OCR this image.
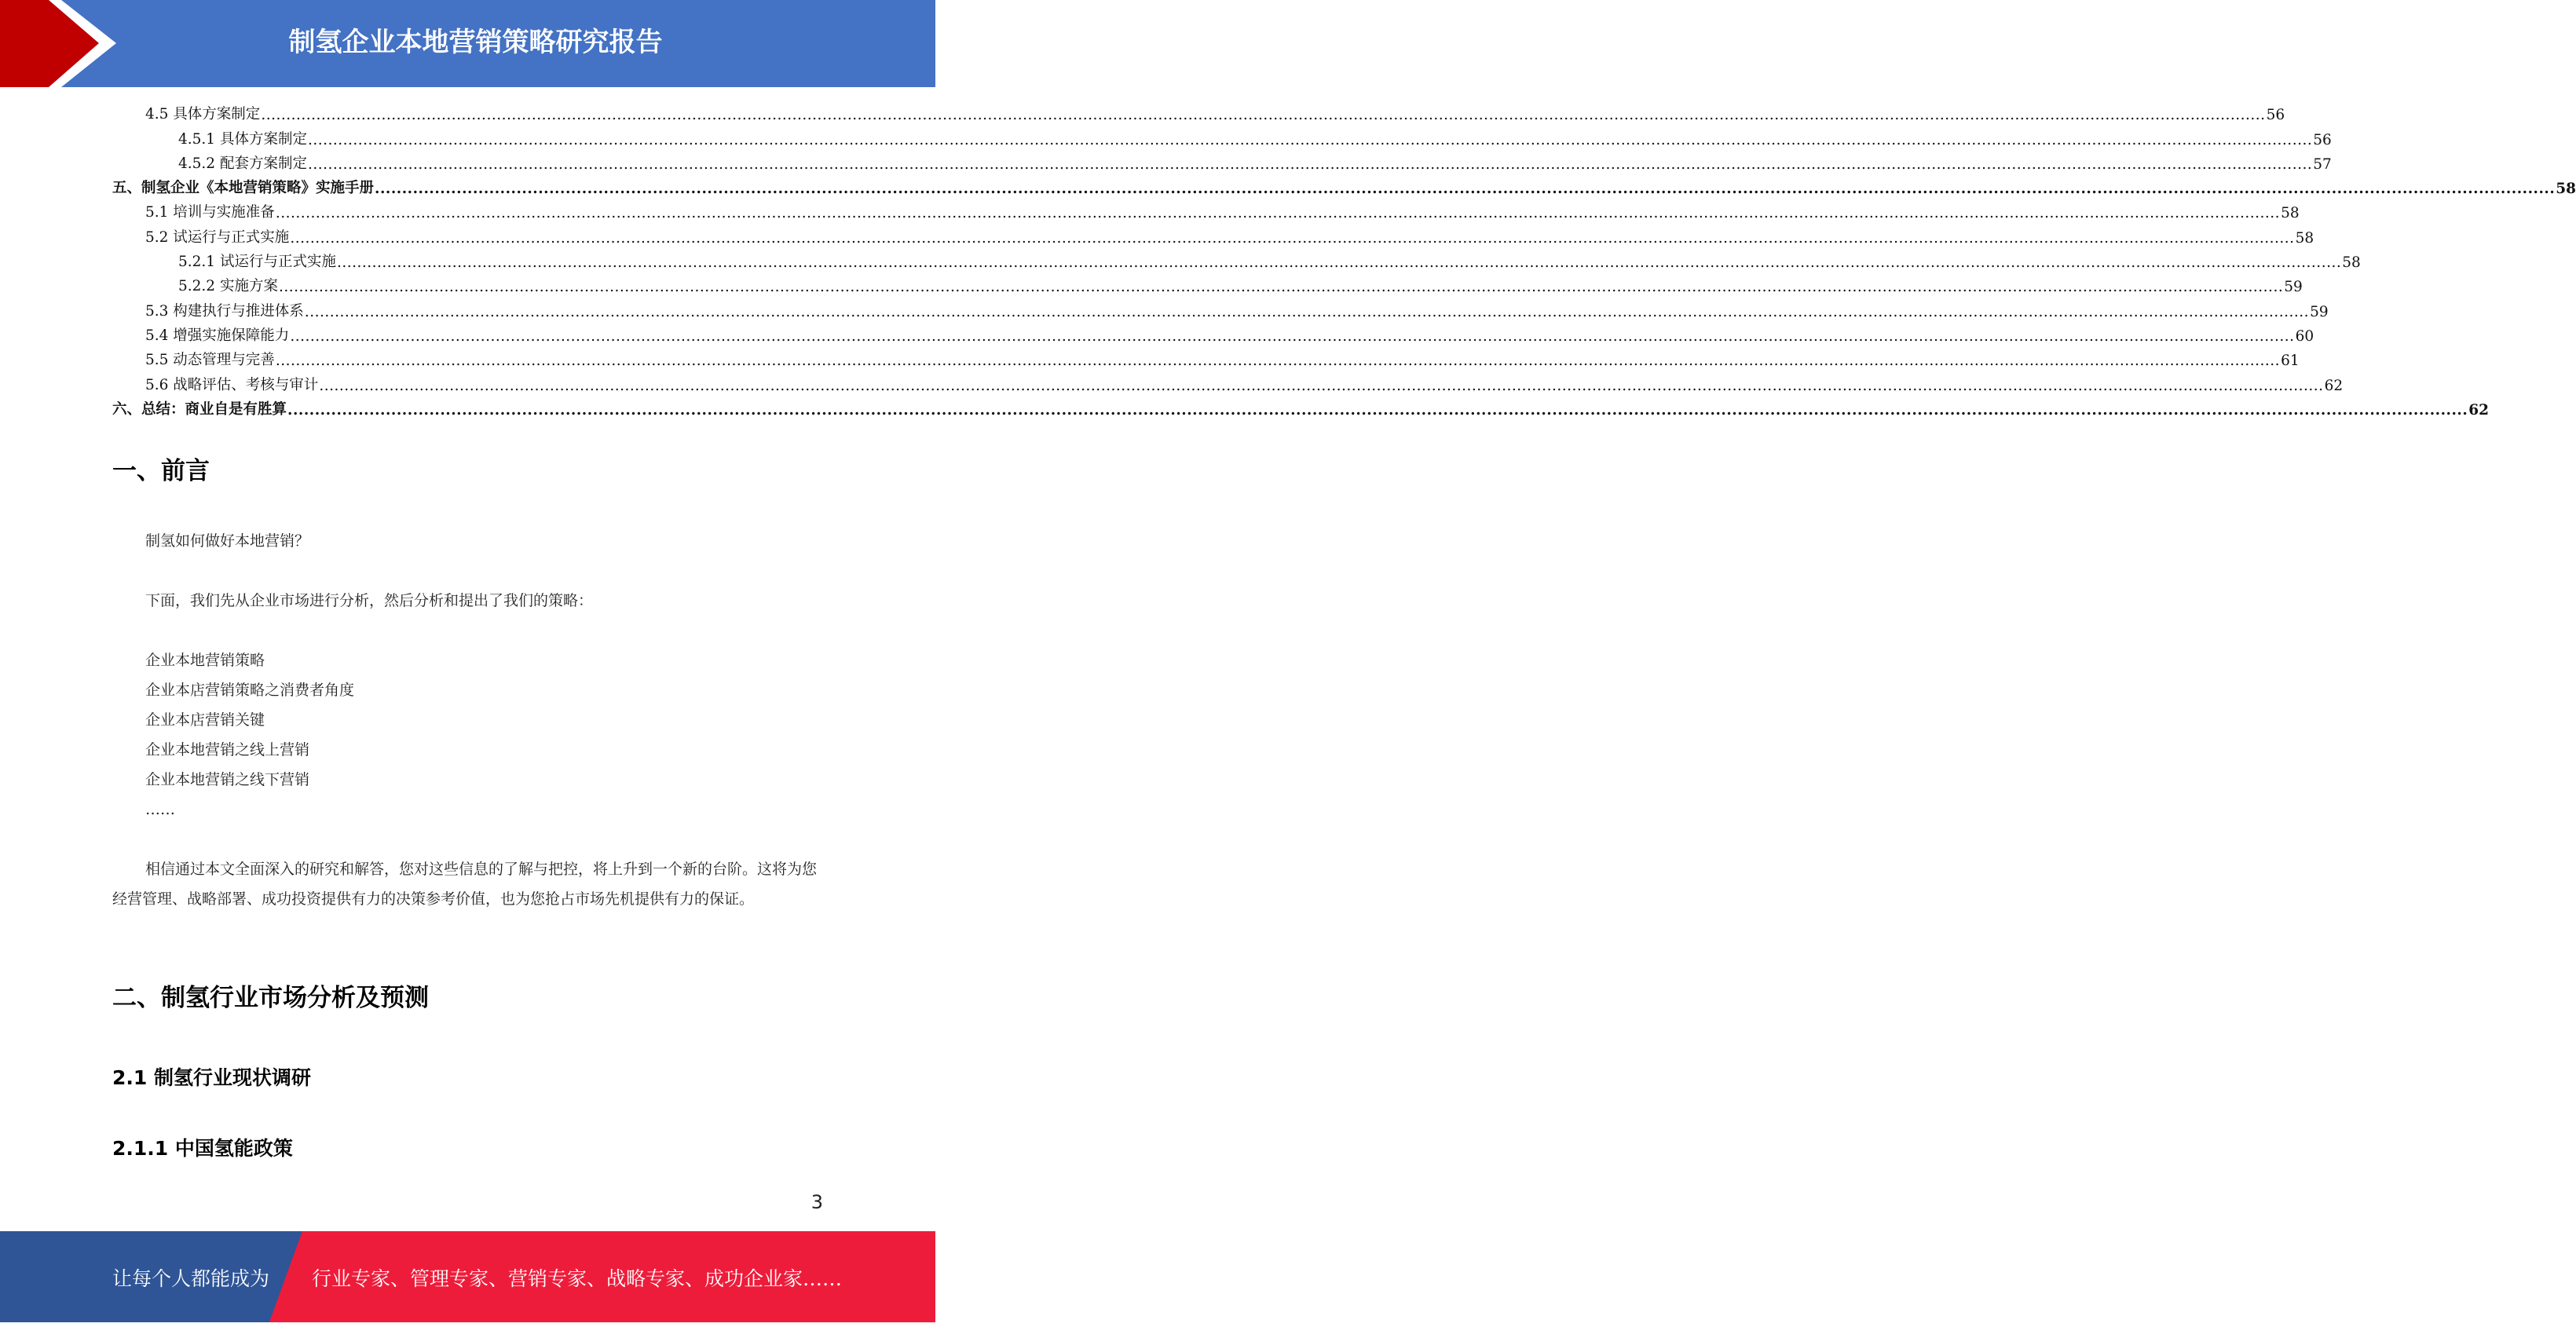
制氢企业本地营销策略研究报告
4.5 具体方案制定 ................................................................................................................................................................................................................................................................................................................................................................................................................ 56
4.5.1 具体方案制定 ................................................................................................................................................................................................................................................................................................................................................................................................................ 56
4.5.2 配套方案制定 ................................................................................................................................................................................................................................................................................................................................................................................................................ 57
五、制氢企业《本地营销策略》实施手册 ................................................................................................................................................................................................................................................................................................................................................................................................................ 58
5.1 培训与实施准备 ................................................................................................................................................................................................................................................................................................................................................................................................................ 58
5.2 试运行与正式实施 ................................................................................................................................................................................................................................................................................................................................................................................................................ 58
5.2.1 试运行与正式实施 ................................................................................................................................................................................................................................................................................................................................................................................................................ 58
5.2.2 实施方案 ................................................................................................................................................................................................................................................................................................................................................................................................................ 59
5.3 构建执行与推进体系 ................................................................................................................................................................................................................................................................................................................................................................................................................ 59
5.4 增强实施保障能力 ................................................................................................................................................................................................................................................................................................................................................................................................................ 60
5.5 动态管理与完善 ................................................................................................................................................................................................................................................................................................................................................................................................................ 61
5.6 战略评估、考核与审计 ................................................................................................................................................................................................................................................................................................................................................................................................................ 62
六、总结：商业自是有胜算 ................................................................................................................................................................................................................................................................................................................................................................................................................ 62
一、前言
制氢如何做好本地营销？
下面，我们先从企业市场进行分析，然后分析和提出了我们的策略：
企业本地营销策略
企业本店营销策略之消费者角度
企业本店营销关键
企业本地营销之线上营销
企业本地营销之线下营销
……
相信通过本文全面深入的研究和解答，您对这些信息的了解与把控，将上升到一个新的台阶。这将为您经营管理、战略部署、成功投资提供有力的决策参考价值，也为您抢占市场先机提供有力的保证。
二、制氢行业市场分析及预测
2.1 制氢行业现状调研
2.1.1 中国氢能政策
3
让每个人都能成为 行业专家、管理专家、营销专家、战略专家、成功企业家……
